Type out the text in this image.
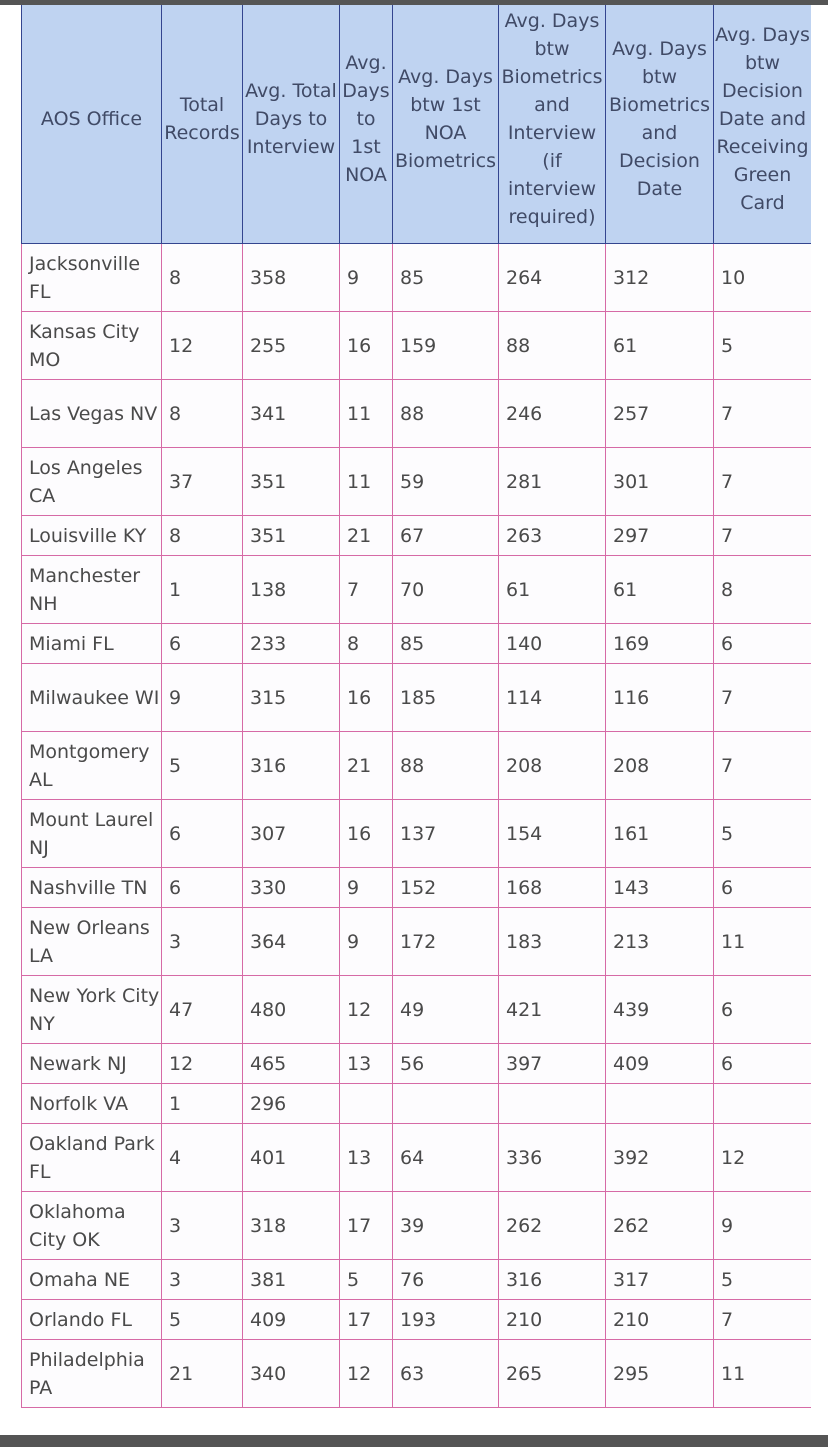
AOS Office	Total Records	Avg. Total Days to Interview	Avg. Days to 1st NOA	Avg. Days btw 1st NOA Biometrics	Avg. Days btw Biometrics and Interview (if interview required)	Avg. Days btw Biometrics and Decision Date	Avg. Days btw Decision Date and Receiving Green Card
Jacksonville FL	8	358	9	85	264	312	10
Kansas City MO	12	255	16	159	88	61	5
Las Vegas NV	8	341	11	88	246	257	7
Los Angeles CA	37	351	11	59	281	301	7
Louisville KY	8	351	21	67	263	297	7
Manchester NH	1	138	7	70	61	61	8
Miami FL	6	233	8	85	140	169	6
Milwaukee WI	9	315	16	185	114	116	7
Montgomery AL	5	316	21	88	208	208	7
Mount Laurel NJ	6	307	16	137	154	161	5
Nashville TN	6	330	9	152	168	143	6
New Orleans LA	3	364	9	172	183	213	11
New York City NY	47	480	12	49	421	439	6
Newark NJ	12	465	13	56	397	409	6
Norfolk VA	1	296					
Oakland Park FL	4	401	13	64	336	392	12
Oklahoma City OK	3	318	17	39	262	262	9
Omaha NE	3	381	5	76	316	317	5
Orlando FL	5	409	17	193	210	210	7
Philadelphia PA	21	340	12	63	265	295	11
